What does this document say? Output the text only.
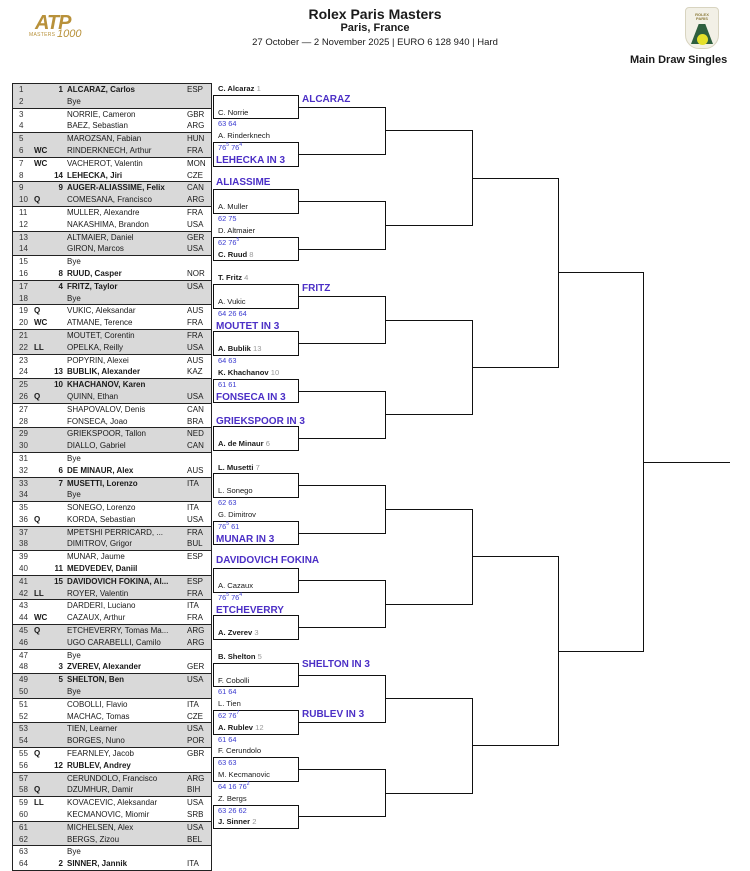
ATP
MASTERS 1000
Rolex Paris Masters
Paris, France
27 October — 2 November 2025 | EURO 6 128 940 | Hard
ROLEX
PARIS
Main Draw Singles
1	1 ALCARAZ, Carlos	ESP
2	Bye
3	NORRIE, Cameron	GBR
4	BAEZ, Sebastian	ARG
5	MAROZSAN, Fabian	HUN
6	WC	RINDERKNECH, Arthur	FRA
7	WC	VACHEROT, Valentin	MON
8	14 LEHECKA, Jiri	CZE
9	9 AUGER-ALIASSIME, Felix	CAN
10 Q	COMESANA, Francisco	ARG
11	MULLER, Alexandre	FRA
12	NAKASHIMA, Brandon	USA
13	ALTMAIER, Daniel	GER
14	GIRON, Marcos	USA
15	Bye
16	8 RUUD, Casper	NOR
17	4 FRITZ, Taylor	USA
18	Bye
19 Q	VUKIC, Aleksandar	AUS
20 WC	ATMANE, Terence	FRA
21	MOUTET, Corentin	FRA
22 LL	OPELKA, Reilly	USA
23	POPYRIN, Alexei	AUS
24	13 BUBLIK, Alexander	KAZ
25	10 KHACHANOV, Karen
26 Q	QUINN, Ethan	USA
27	SHAPOVALOV, Denis	CAN
28	FONSECA, Joao	BRA
29	GRIEKSPOOR, Tallon	NED
30	DIALLO, Gabriel	CAN
31	Bye
32	6 DE MINAUR, Alex	AUS
33	7 MUSETTI, Lorenzo	ITA
34	Bye
35	SONEGO, Lorenzo	ITA
36 Q	KORDA, Sebastian	USA
37	MPETSHI PERRICARD, ...	FRA
38	DIMITROV, Grigor	BUL
39	MUNAR, Jaume	ESP
40	11 MEDVEDEV, Daniil
41	15 DAVIDOVICH FOKINA, Al...	ESP
42 LL	ROYER, Valentin	FRA
43	DARDERI, Luciano	ITA
44 WC	CAZAUX, Arthur	FRA
45 Q	ETCHEVERRY, Tomas Ma...	ARG
46	UGO CARABELLI, Camilo	ARG
47	Bye
48	3 ZVEREV, Alexander	GER
49	5 SHELTON, Ben	USA
50	Bye
51	COBOLLI, Flavio	ITA
52	MACHAC, Tomas	CZE
53	TIEN, Learner	USA
54	BORGES, Nuno	POR
55 Q	FEARNLEY, Jacob	GBR
56	12 RUBLEV, Andrey
57	CERUNDOLO, Francisco	ARG
58 Q	DZUMHUR, Damir	BIH
59 LL	KOVACEVIC, Aleksandar	USA
60	KECMANOVIC, Miomir	SRB
61	MICHELSEN, Alex	USA
62	BERGS, Zizou	BEL
63	Bye
64	2 SINNER, Jannik	ITA
C. Alcaraz 1
C. Norrie
63 64
A. Rinderknech
$76^5$ $76^4$
A. Muller
62 75
D. Altmaier
62 $76^5$
C. Ruud 8
T. Fritz 4
A. Vukic
64 26 64
A. Bublik 13
64 63
K. Khachanov 10
61 61
A. de Minaur 6
L. Musetti 7
L. Sonego
62 63
G. Dimitrov
$76^5$ 61
A. Cazaux
$76^5$ $76^4$
A. Zverev 3
B. Shelton 5
F. Cobolli
61 64
L. Tien
62 $76^7$
A. Rublev 12
61 64
F. Cerundolo
63 63
M. Kecmanovic
64 16 $76^2$
Z. Bergs
63 26 62
J. Sinner 2
ALCARAZ
LEHECKA IN 3
ALIASSIME
FRITZ
MOUTET IN 3
FONSECA IN 3
GRIEKSPOOR IN 3
MUNAR IN 3
DAVIDOVICH FOKINA
ETCHEVERRY
SHELTON IN 3
RUBLEV IN 3
